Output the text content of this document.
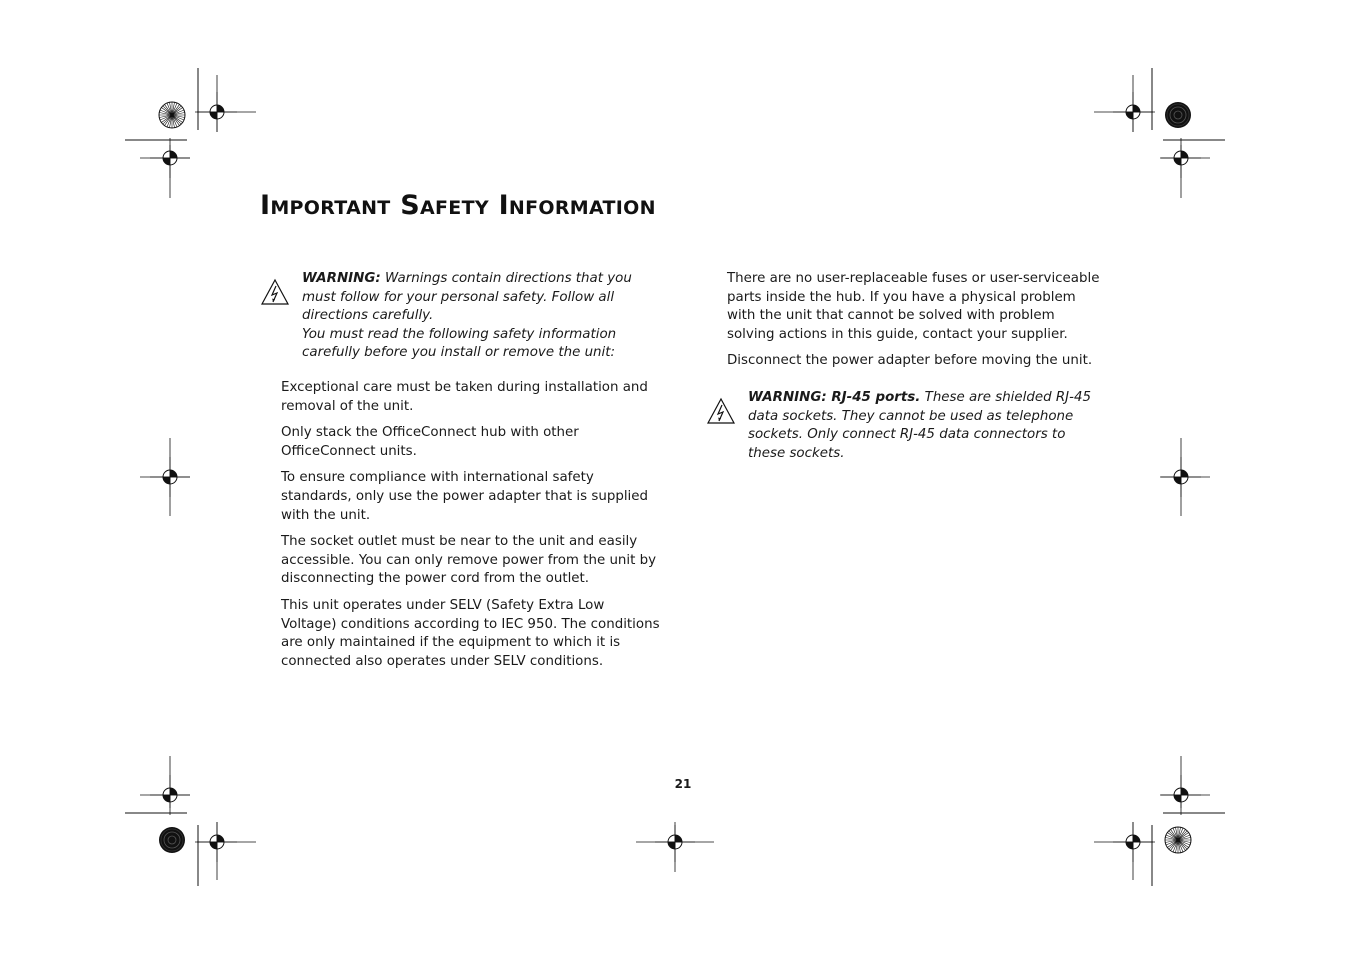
Important Safety Information

WARNING: Warnings contain directions that you must follow for your personal safety. Follow all directions carefully.

You must read the following safety information carefully before you install or remove the unit:

Exceptional care must be taken during installation and removal of the unit.

Only stack the OfficeConnect hub with other OfficeConnect units.

To ensure compliance with international safety standards, only use the power adapter that is supplied with the unit.

The socket outlet must be near to the unit and easily accessible. You can only remove power from the unit by disconnecting the power cord from the outlet.

This unit operates under SELV (Safety Extra Low Voltage) conditions according to IEC 950. The conditions are only maintained if the equipment to which it is connected also operates under SELV conditions.

There are no user-replaceable fuses or user-serviceable parts inside the hub. If you have a physical problem with the unit that cannot be solved with problem solving actions in this guide, contact your supplier.

Disconnect the power adapter before moving the unit.

WARNING: RJ-45 ports. These are shielded RJ-45 data sockets. They cannot be used as telephone sockets. Only connect RJ-45 data connectors to these sockets.

21
